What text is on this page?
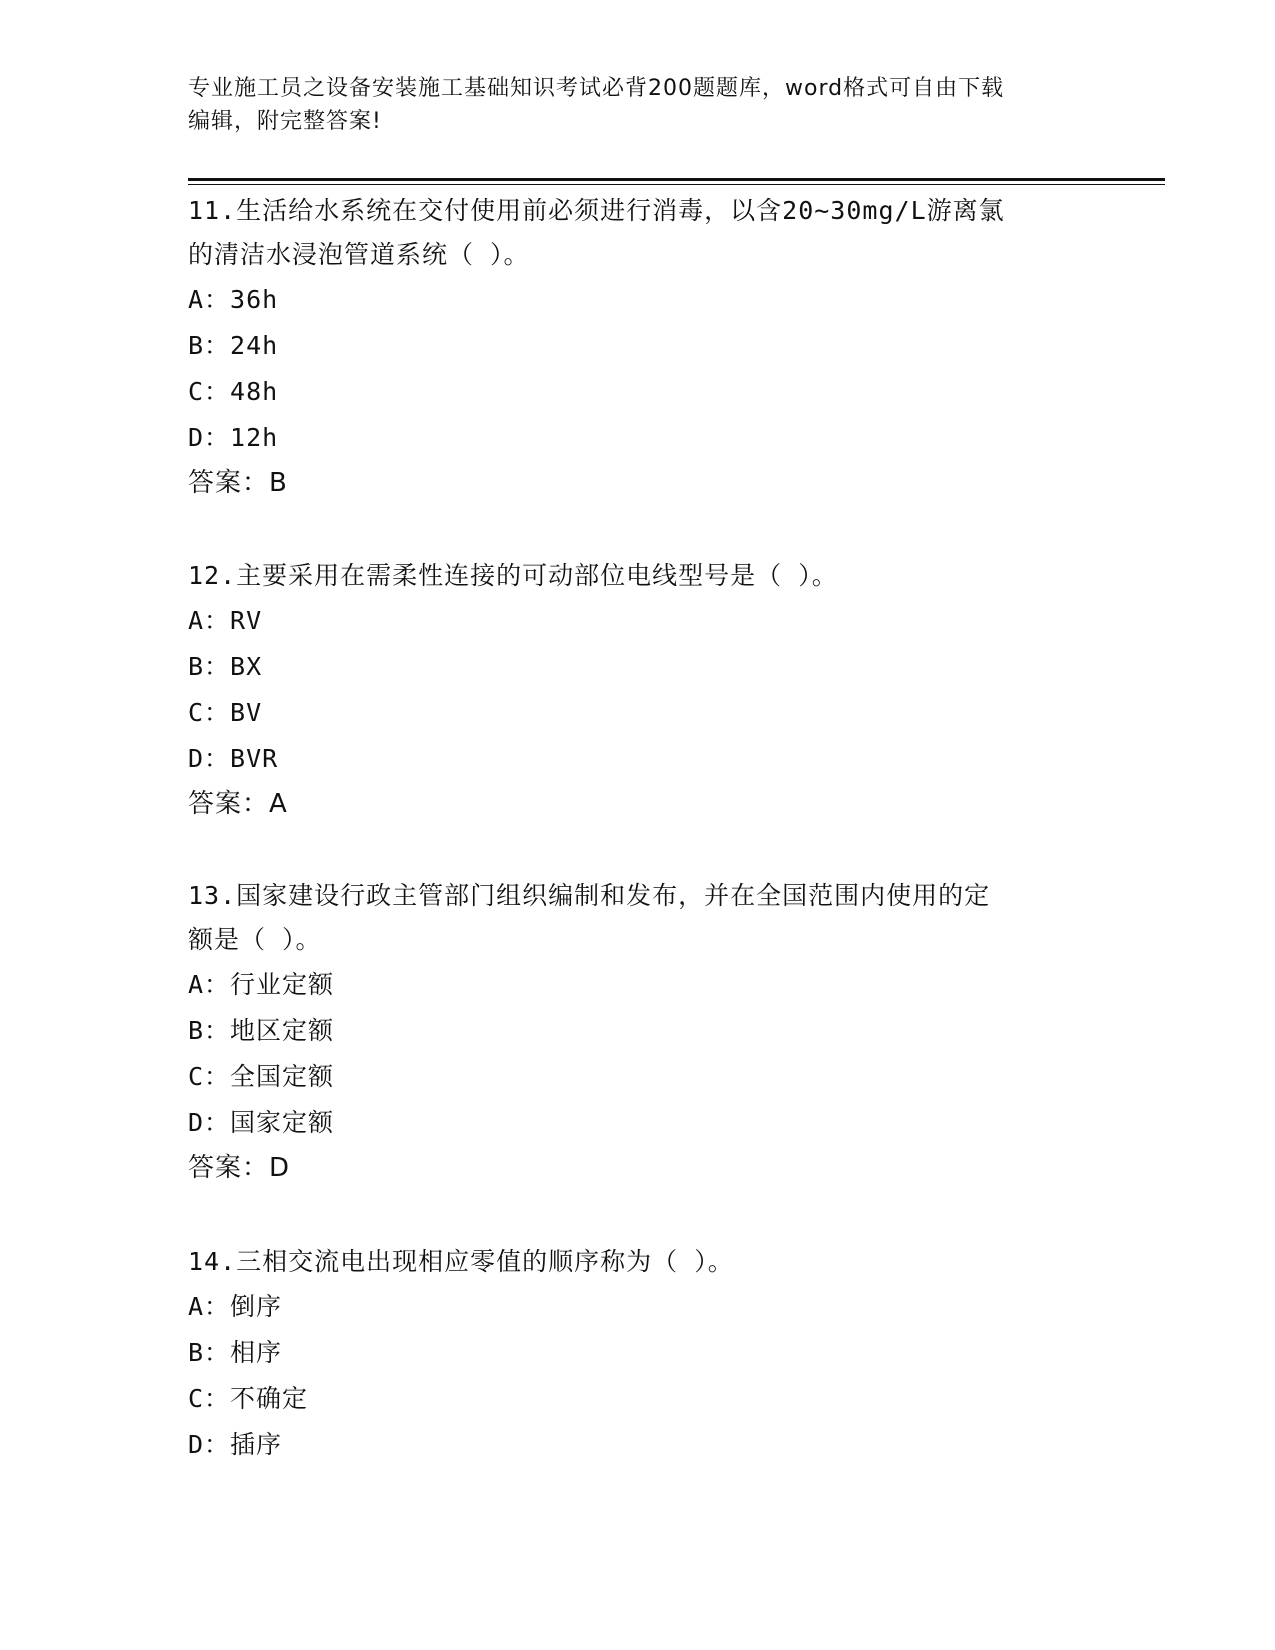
专业施工员之设备安装施工基础知识考试必背200题题库，word格式可自由下载
编辑，附完整答案!

11.生活给水系统在交付使用前必须进行消毒，以含20~30mg/L游离氯

的清洁水浸泡管道系统（ ）。

A：36h

B：24h

C：48h

D：12h

答案：B

12.主要采用在需柔性连接的可动部位电线型号是（ ）。

A：RV

B：BX

C：BV

D：BVR

答案：A

13.国家建设行政主管部门组织编制和发布，并在全国范围内使用的定

额是（ ）。

A：行业定额

B：地区定额

C：全国定额

D：国家定额

答案：D

14.三相交流电出现相应零值的顺序称为（ ）。

A：倒序

B：相序

C：不确定

D：插序
